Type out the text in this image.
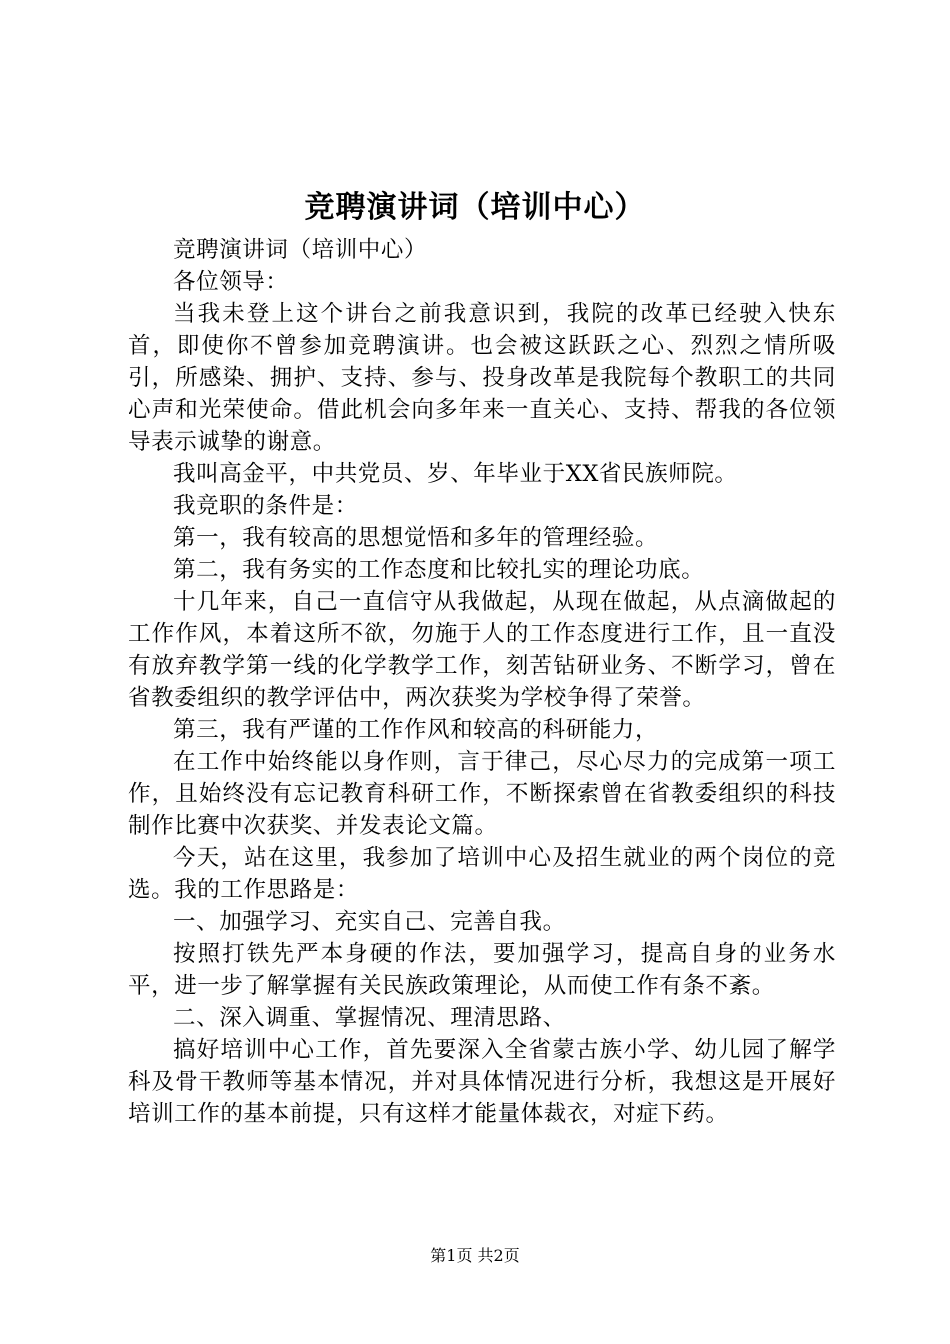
竞聘演讲词（培训中心）

竞聘演讲词（培训中心）

各位领导：

当我未登上这个讲台之前我意识到，我院的改革已经驶入快东首，即使你不曾参加竞聘演讲。也会被这跃跃之心、烈烈之情所吸引，所感染、拥护、支持、参与、投身改革是我院每个教职工的共同心声和光荣使命。借此机会向多年来一直关心、支持、帮我的各位领导表示诚挚的谢意。

我叫高金平，中共党员、岁、年毕业于XX省民族师院。

我竞职的条件是：

第一，我有较高的思想觉悟和多年的管理经验。

第二，我有务实的工作态度和比较扎实的理论功底。

十几年来，自己一直信守从我做起，从现在做起，从点滴做起的工作作风，本着这所不欲，勿施于人的工作态度进行工作，且一直没有放弃教学第一线的化学教学工作，刻苦钻研业务、不断学习，曾在省教委组织的教学评估中，两次获奖为学校争得了荣誉。

第三，我有严谨的工作作风和较高的科研能力，

在工作中始终能以身作则，言于律己，尽心尽力的完成第一项工作，且始终没有忘记教育科研工作，不断探索曾在省教委组织的科技制作比赛中次获奖、并发表论文篇。

今天，站在这里，我参加了培训中心及招生就业的两个岗位的竞选。我的工作思路是：

一、加强学习、充实自己、完善自我。

按照打铁先严本身硬的作法，要加强学习，提高自身的业务水平，进一步了解掌握有关民族政策理论，从而使工作有条不紊。

二、深入调重、掌握情况、理清思路、

搞好培训中心工作，首先要深入全省蒙古族小学、幼儿园了解学科及骨干教师等基本情况，并对具体情况进行分析，我想这是开展好培训工作的基本前提，只有这样才能量体裁衣，对症下药。

第1页 共2页
